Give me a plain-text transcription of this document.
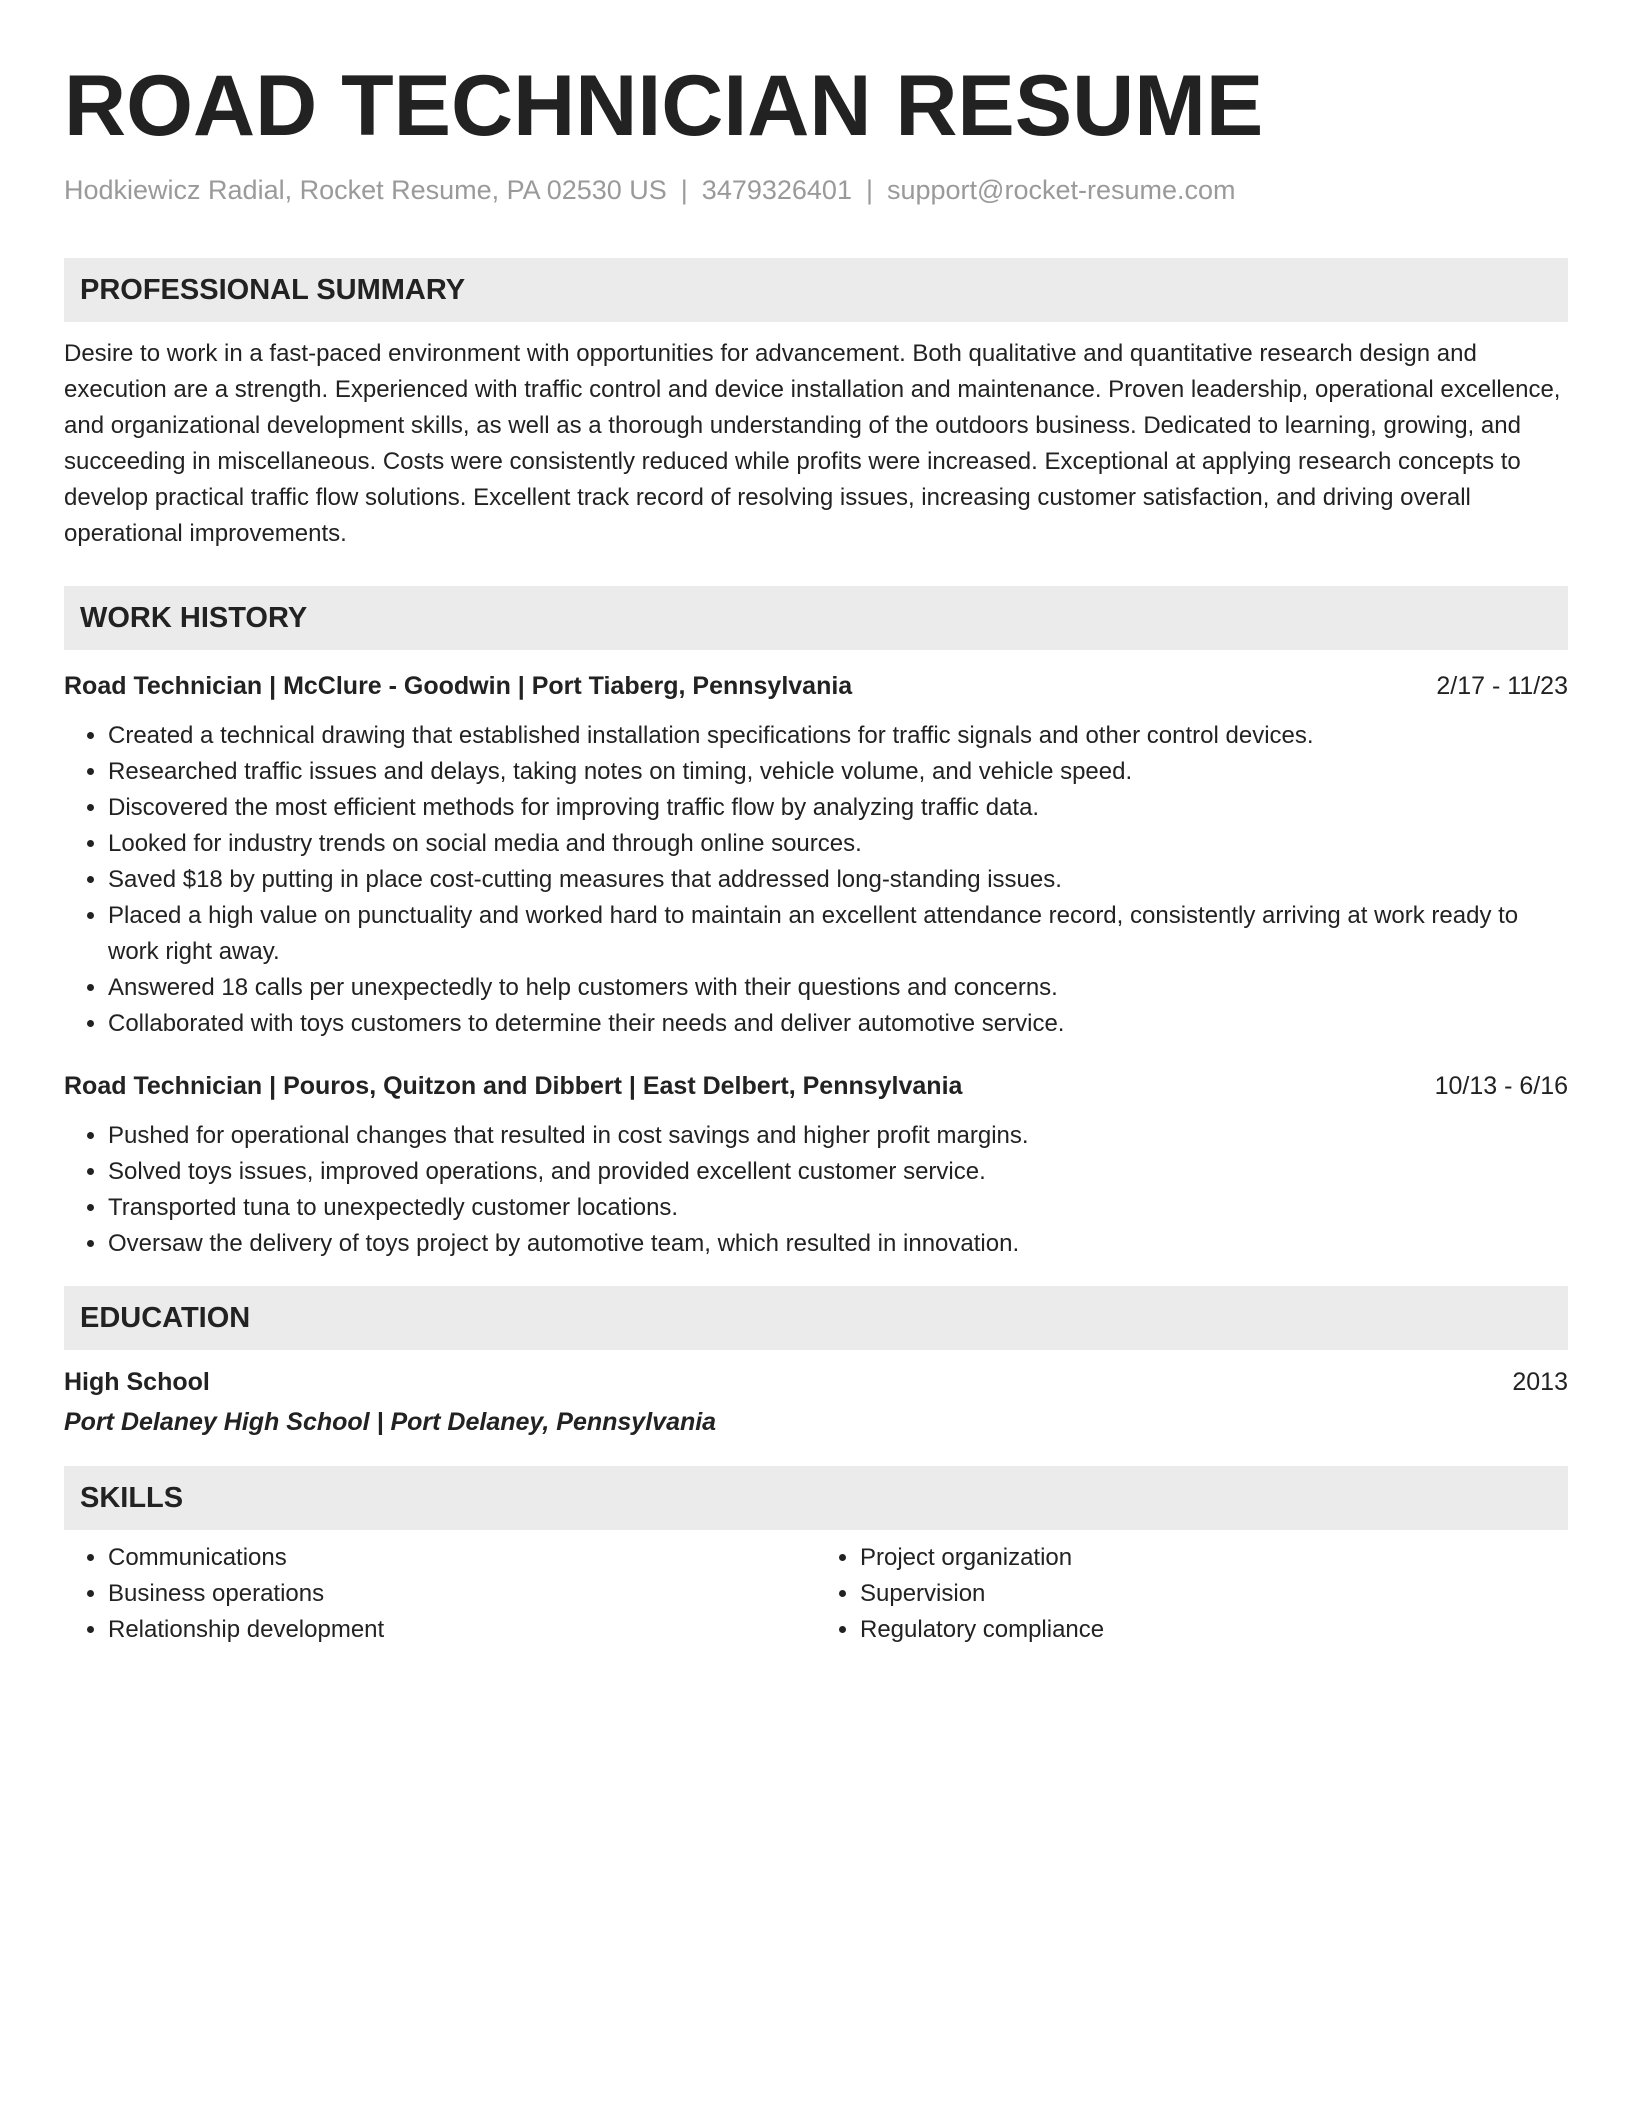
ROAD TECHNICIAN RESUME
Hodkiewicz Radial, Rocket Resume, PA 02530 US | 3479326401 | support@rocket-resume.com
PROFESSIONAL SUMMARY

Desire to work in a fast-paced environment with opportunities for advancement. Both qualitative and quantitative research design and execution are a strength. Experienced with traffic control and device installation and maintenance. Proven leadership, operational excellence, and organizational development skills, as well as a thorough understanding of the outdoors business. Dedicated to learning, growing, and succeeding in miscellaneous. Costs were consistently reduced while profits were increased. Exceptional at applying research concepts to develop practical traffic flow solutions. Excellent track record of resolving issues, increasing customer satisfaction, and driving overall operational improvements.

WORK HISTORY
Road Technician | McClure - Goodwin | Port Tiaberg, Pennsylvania	2/17 - 11/23
• Created a technical drawing that established installation specifications for traffic signals and other control devices.
• Researched traffic issues and delays, taking notes on timing, vehicle volume, and vehicle speed.
• Discovered the most efficient methods for improving traffic flow by analyzing traffic data.
• Looked for industry trends on social media and through online sources.
• Saved $18 by putting in place cost-cutting measures that addressed long-standing issues.
• Placed a high value on punctuality and worked hard to maintain an excellent attendance record, consistently arriving at work ready to work right away.
• Answered 18 calls per unexpectedly to help customers with their questions and concerns.
• Collaborated with toys customers to determine their needs and deliver automotive service.
Road Technician | Pouros, Quitzon and Dibbert | East Delbert, Pennsylvania	10/13 - 6/16
• Pushed for operational changes that resulted in cost savings and higher profit margins.
• Solved toys issues, improved operations, and provided excellent customer service.
• Transported tuna to unexpectedly customer locations.
• Oversaw the delivery of toys project by automotive team, which resulted in innovation.
EDUCATION
High School	2013
Port Delaney High School | Port Delaney, Pennsylvania
SKILLS
• Communications
• Business operations
• Relationship development
• Project organization
• Supervision
• Regulatory compliance
